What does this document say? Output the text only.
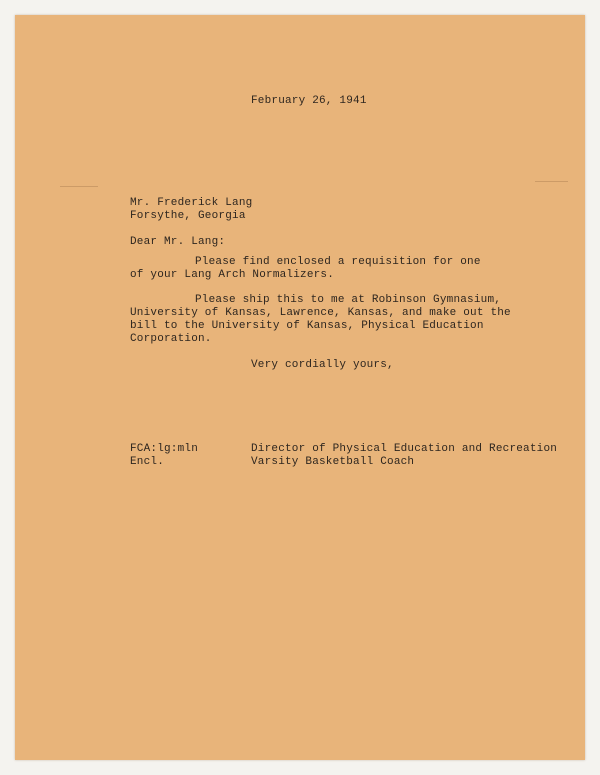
February 26, 1941

Mr. Frederick Lang

Forsythe, Georgia

Dear Mr. Lang:

Please find enclosed a requisition for one

of your Lang Arch Normalizers.

Please ship this to me at Robinson Gymnasium,

University of Kansas, Lawrence, Kansas, and make out the

bill to the University of Kansas, Physical Education

Corporation.

Very cordially yours,

FCA:lg:mln

Encl.

Director of Physical Education and Recreation

Varsity Basketball Coach
